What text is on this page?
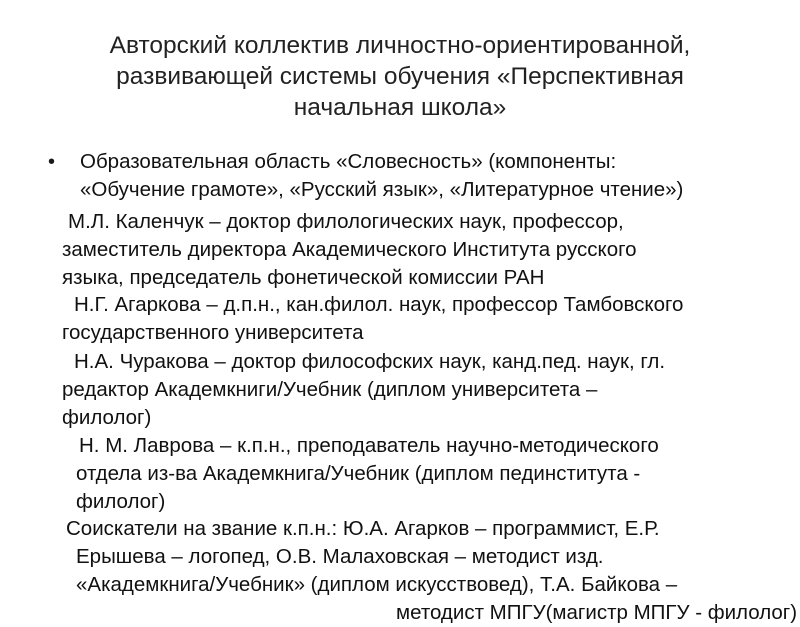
Авторский коллектив личностно-ориентированной,
развивающей системы обучения «Перспективная
начальная школа»
• Образовательная область «Словесность» (компоненты:
«Обучение грамоте», «Русский язык», «Литературное чтение»)
М.Л. Каленчук – доктор филологических наук, профессор,
заместитель директора Академического Института русского
языка, председатель фонетической комиссии РАН
Н.Г. Агаркова – д.п.н., кан.филол. наук, профессор Тамбовского
государственного университета
Н.А. Чуракова – доктор философских наук, канд.пед. наук, гл.
редактор Академкниги/Учебник (диплом университета –
филолог)
Н. М. Лаврова – к.п.н., преподаватель научно-методического
отдела из-ва Академкнига/Учебник (диплом пединститута -
филолог)
Соискатели на звание к.п.н.: Ю.А. Агарков – программист, Е.Р.
Ерышева – логопед, О.В. Малаховская – методист изд.
«Академкнига/Учебник» (диплом искусствовед), Т.А. Байкова –
методист МПГУ(магистр МПГУ - филолог)
